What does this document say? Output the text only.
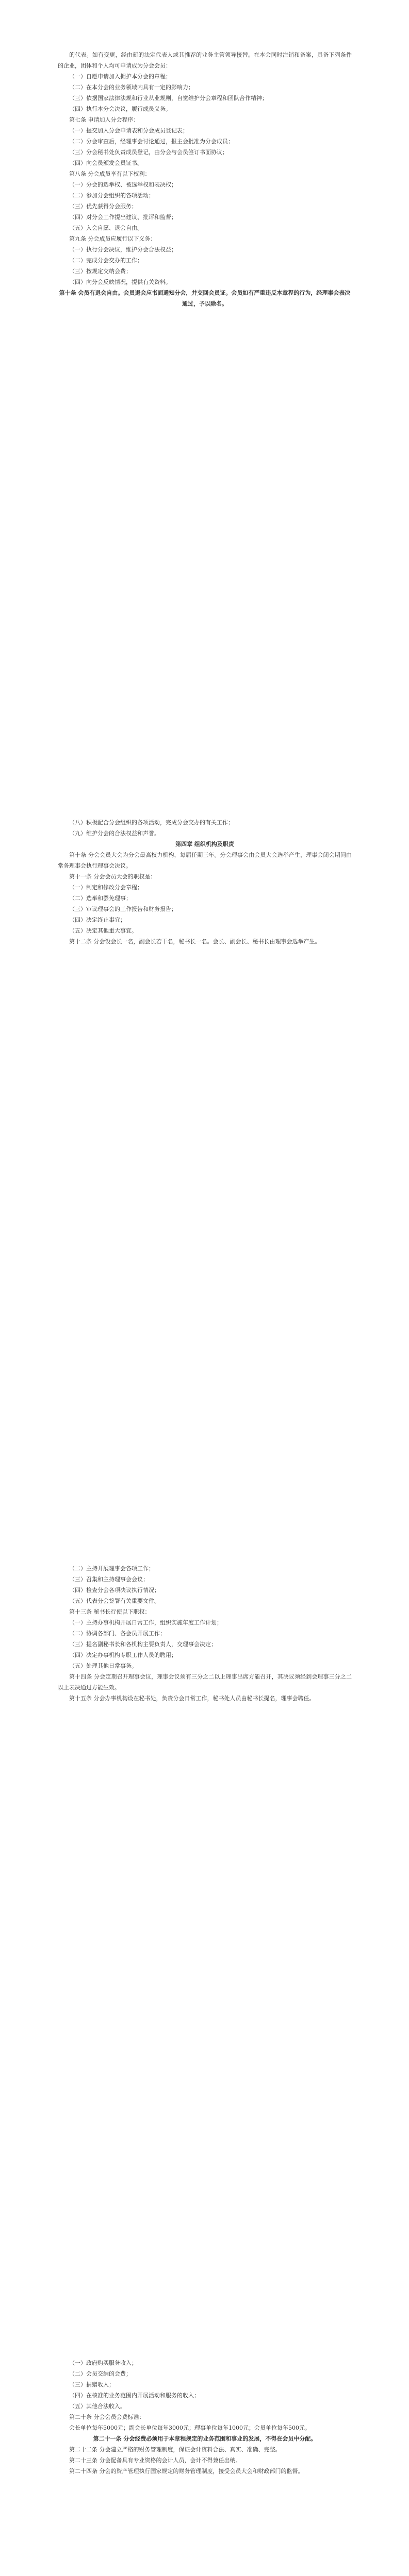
的代表。如有变更，经由新的法定代表人或其推荐的业务主管领导接替。在本会同时注销和备案，具备下列条件的企业，团体和个人均可申请成为分会会员：

（一）自愿申请加入拥护本分会的章程；

（二）在本分会的业务领域内具有一定的影响力；

（三）依据国家法律法规和行业从业规则，自觉维护分会章程和团队合作精神；

（四）执行本分会决议，履行成员义务。

第七条 申请加入分会程序：

（一）提交加入分会申请表和分会成员登记表；

（二）分会审查后，经理事会讨论通过，报主会批准为分会成员；

（三）分会秘书处负责成员登记，由分会与会员签订书面协议；

（四）向会员颁发会员证书。

第八条 分会成员享有以下权利：

（一）分会的选举权、被选举权和表决权；

（二）参加分会组织的各项活动；

（三）优先获得分会服务；

（四）对分会工作提出建议、批评和监督；

（五）入会自愿、退会自由。

第九条 分会成员应履行以下义务：

（一）执行分会决议，维护分会合法权益；

（二）完成分会交办的工作；

（三）按规定交纳会费；

（四）向分会反映情况，提供有关资料。

第十条 会员有退会自由。会员退会应书面通知分会，并交回会员证。会员如有严重违反本章程的行为，经理事会表决通过，予以除名。

（八）积极配合分会组织的各项活动，完成分会交办的有关工作；

（九）维护分会的合法权益和声誉。

第四章 组织机构及职责

第十条 分会会员大会为分会最高权力机构，每届任期三年。分会理事会由会员大会选举产生，理事会闭会期间由常务理事会执行理事会决议。

第十一条 分会会员大会的职权是：

（一）制定和修改分会章程；

（二）选举和罢免理事；

（三）审议理事会的工作报告和财务报告；

（四）决定终止事宜；

（五）决定其他重大事宜。

第十二条 分会设会长一名，副会长若干名，秘书长一名。会长、副会长、秘书长由理事会选举产生。

（二）主持开展理事会各项工作；

（三）召集和主持理事会会议；

（四）检查分会各项决议执行情况；

（五）代表分会签署有关重要文件。

第十三条 秘书长行使以下职权：

（一）主持办事机构开展日常工作，组织实施年度工作计划；

（二）协调各部门、各会员开展工作；

（三）提名副秘书长和各机构主要负责人，交理事会决定；

（四）决定办事机构专职工作人员的聘用；

（五）处理其他日常事务。

第十四条 分会定期召开理事会议，理事会议须有三分之二以上理事出席方能召开，其决议须经到会理事三分之二以上表决通过方能生效。

第十五条 分会办事机构设在秘书处，负责分会日常工作，秘书处人员由秘书长提名，理事会聘任。

（一）政府购买服务收入；

（二）会员交纳的会费；

（三）捐赠收入；

（四）在核准的业务范围内开展活动和服务的收入；

（五）其他合法收入。

第二十条 分会会员会费标准：

会长单位每年5000元；副会长单位每年3000元；理事单位每年1000元；会员单位每年500元。

第二十一条 分会经费必须用于本章程规定的业务范围和事业的发展，不得在会员中分配。

第二十二条 分会建立严格的财务管理制度，保证会计资料合法、真实、准确、完整。

第二十三条 分会配备具有专业资格的会计人员，会计不得兼任出纳。

第二十四条 分会的资产管理执行国家规定的财务管理制度，接受会员大会和财政部门的监督。
